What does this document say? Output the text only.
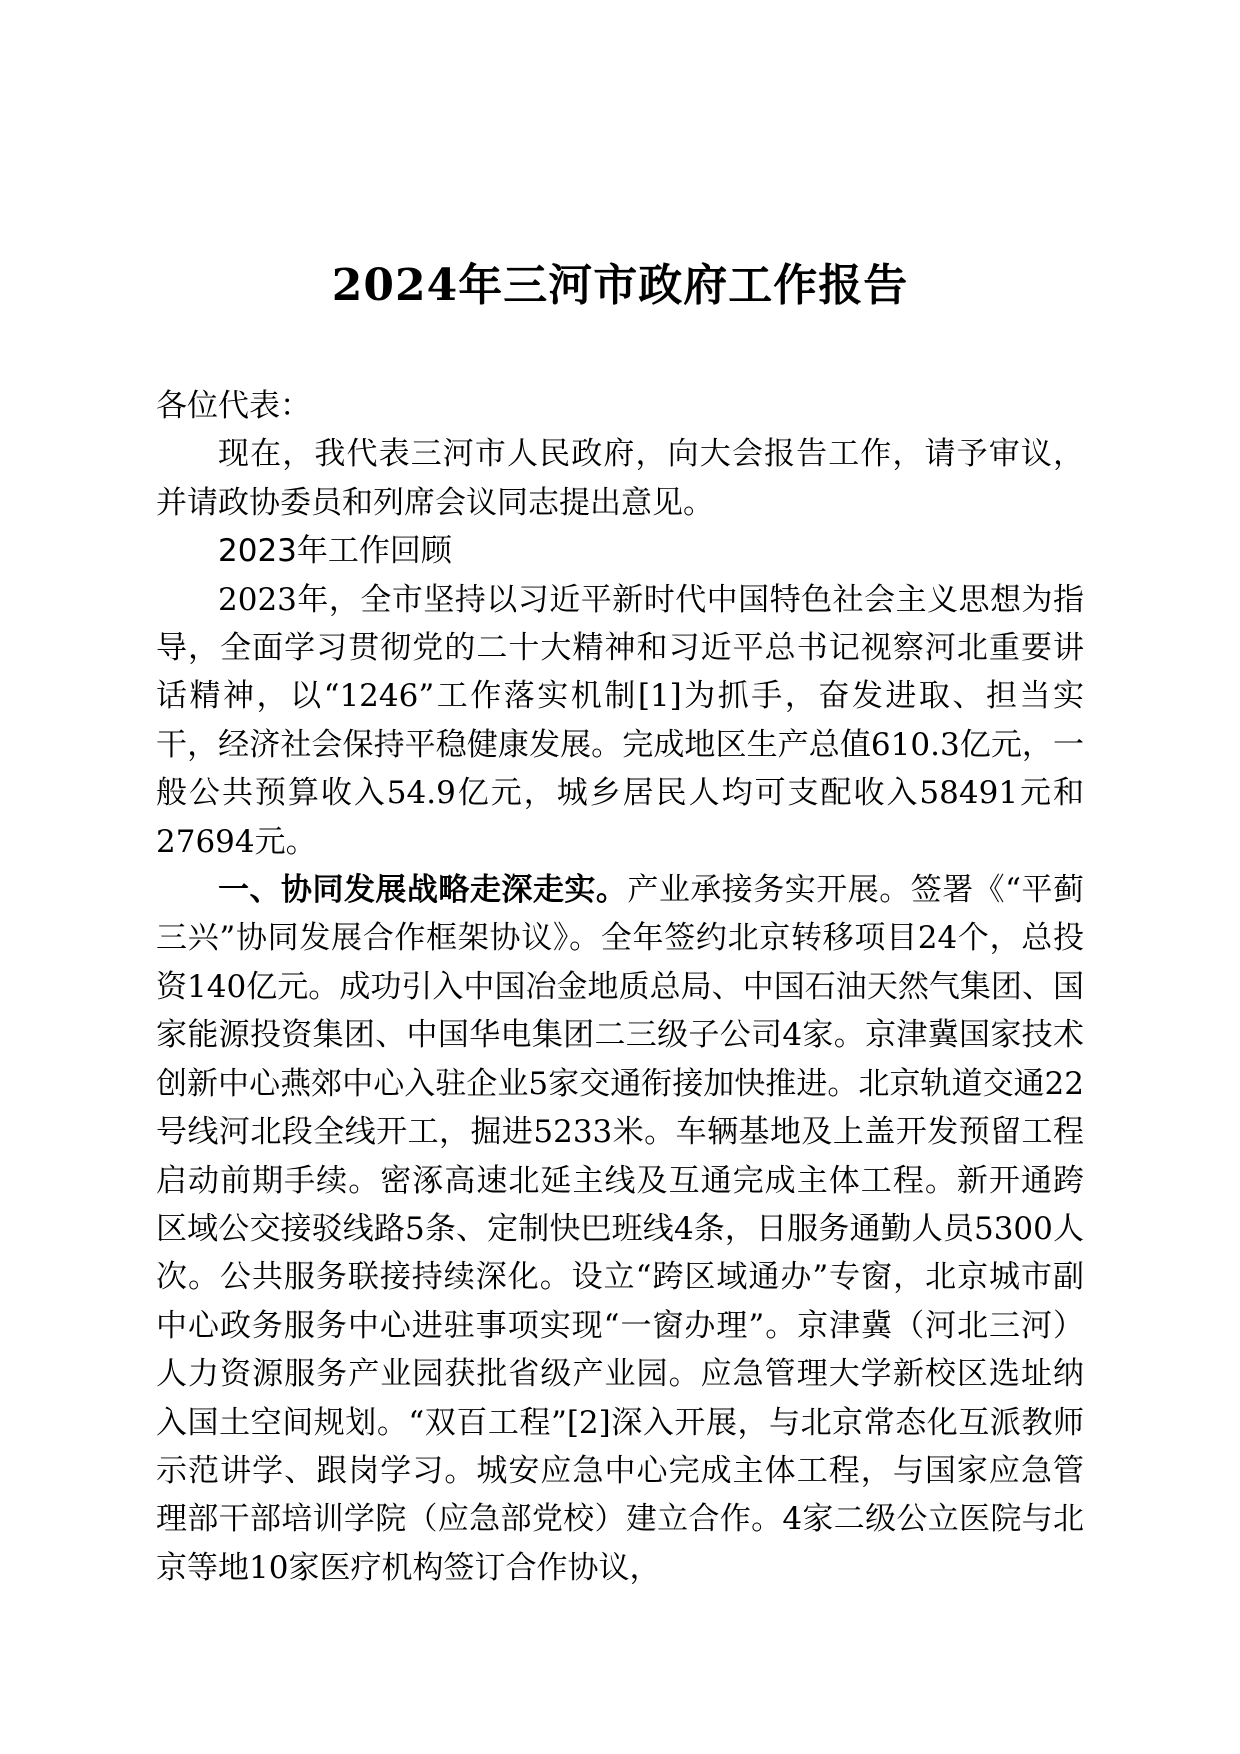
2024年三河市政府工作报告

各位代表：

现在，我代表三河市人民政府，向大会报告工作，请予审议，并请政协委员和列席会议同志提出意见。

2023年工作回顾

2023年，全市坚持以习近平新时代中国特色社会主义思想为指导，全面学习贯彻党的二十大精神和习近平总书记视察河北重要讲话精神，以“1246”工作落实机制[1]为抓手，奋发进取、担当实干，经济社会保持平稳健康发展。完成地区生产总值610.3亿元，一般公共预算收入54.9亿元，城乡居民人均可支配收入58491元和27694元。

一、协同发展战略走深走实。产业承接务实开展。签署《“平蓟三兴”协同发展合作框架协议》。全年签约北京转移项目24个，总投资140亿元。成功引入中国冶金地质总局、中国石油天然气集团、国家能源投资集团、中国华电集团二三级子公司4家。京津冀国家技术创新中心燕郊中心入驻企业5家交通衔接加快推进。北京轨道交通22号线河北段全线开工，掘进5233米。车辆基地及上盖开发预留工程启动前期手续。密涿高速北延主线及互通完成主体工程。新开通跨区域公交接驳线路5条、定制快巴班线4条，日服务通勤人员5300人次。公共服务联接持续深化。设立“跨区域通办”专窗，北京城市副中心政务服务中心进驻事项实现“一窗办理”。京津冀（河北三河）人力资源服务产业园获批省级产业园。应急管理大学新校区选址纳入国土空间规划。“双百工程”[2]深入开展，与北京常态化互派教师示范讲学、跟岗学习。城安应急中心完成主体工程，与国家应急管理部干部培训学院（应急部党校）建立合作。4家二级公立医院与北京等地10家医疗机构签订合作协议，
